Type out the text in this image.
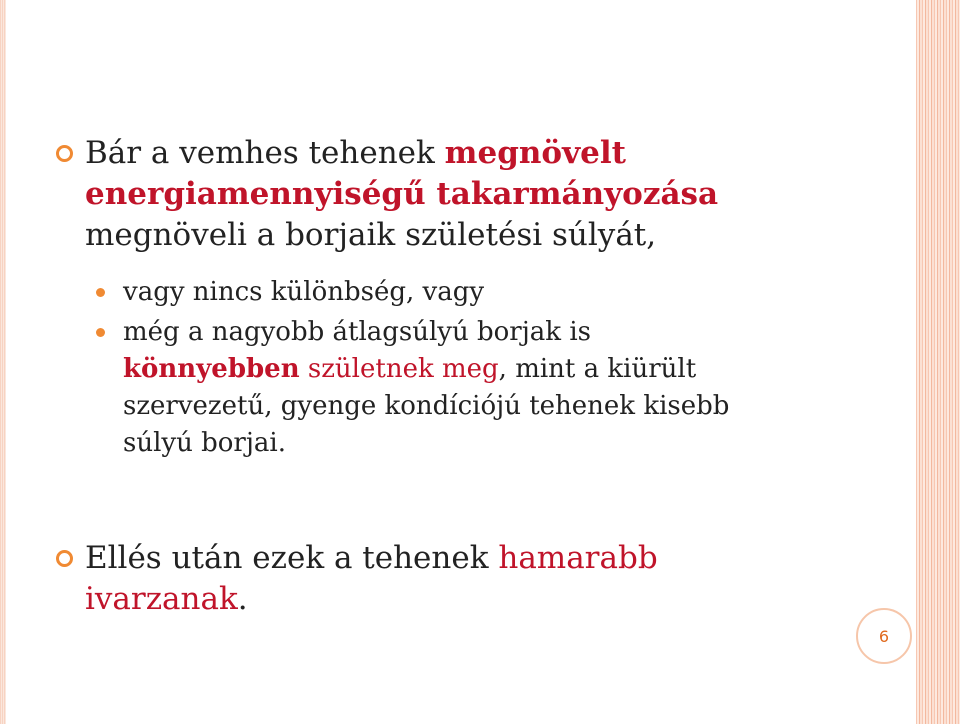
Bár a vemhes tehenek megnövelt
energiamennyiségű takarmányozása
megnöveli a borjaik születési súlyát,
vagy nincs különbség, vagy
még a nagyobb átlagsúlyú borjak is
könnyebben születnek meg, mint a kiürült
szervezetű, gyenge kondíciójú tehenek kisebb
súlyú borjai.
Ellés után ezek a tehenek hamarabb
ivarzanak.
6
